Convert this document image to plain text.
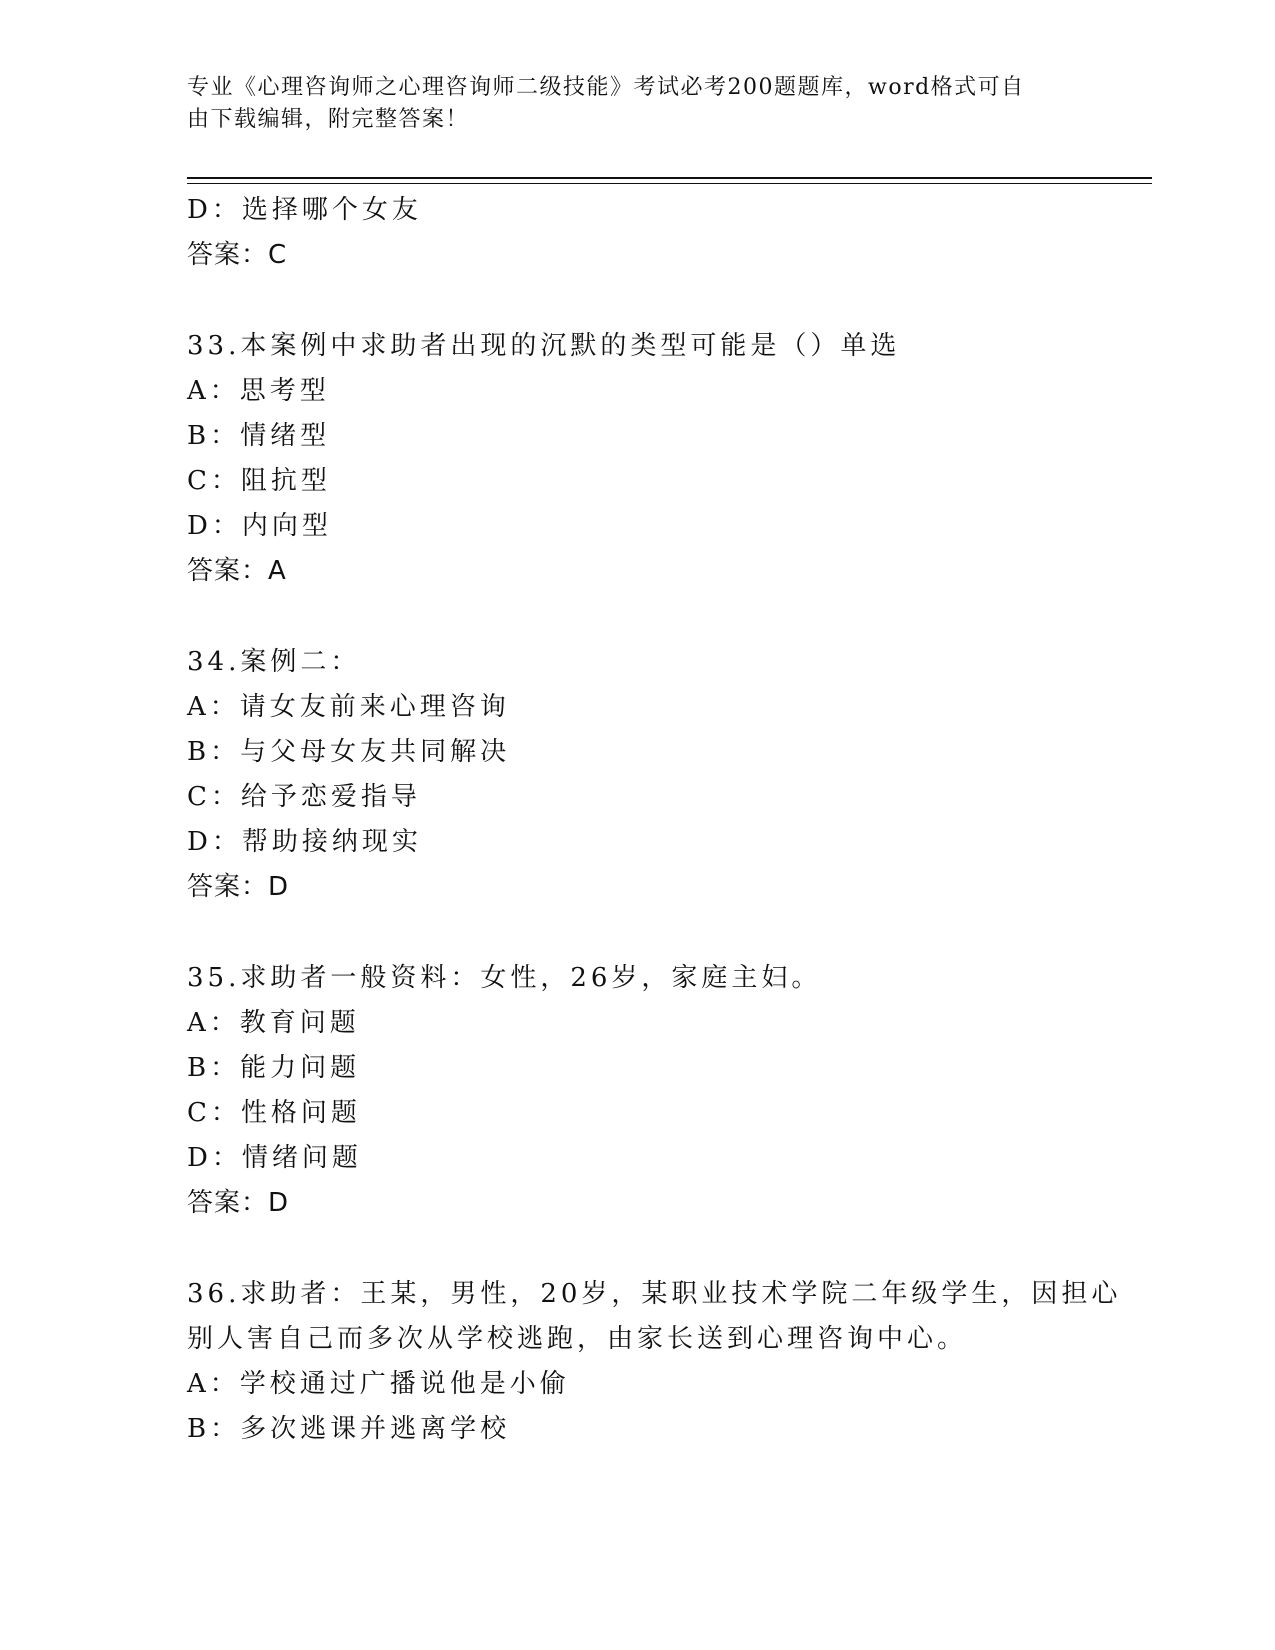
专业《心理咨询师之心理咨询师二级技能》考试必考200题题库，word格式可自
由下载编辑，附完整答案！
D：选择哪个女友
答案：C
33.本案例中求助者出现的沉默的类型可能是（）单选
A：思考型
B：情绪型
C：阻抗型
D：内向型
答案：A
34.案例二：
A：请女友前来心理咨询
B：与父母女友共同解决
C：给予恋爱指导
D：帮助接纳现实
答案：D
35.求助者一般资料：女性，26岁，家庭主妇。
A：教育问题
B：能力问题
C：性格问题
D：情绪问题
答案：D
36.求助者：王某，男性，20岁，某职业技术学院二年级学生，因担心
别人害自己而多次从学校逃跑，由家长送到心理咨询中心。
A：学校通过广播说他是小偷
B：多次逃课并逃离学校
